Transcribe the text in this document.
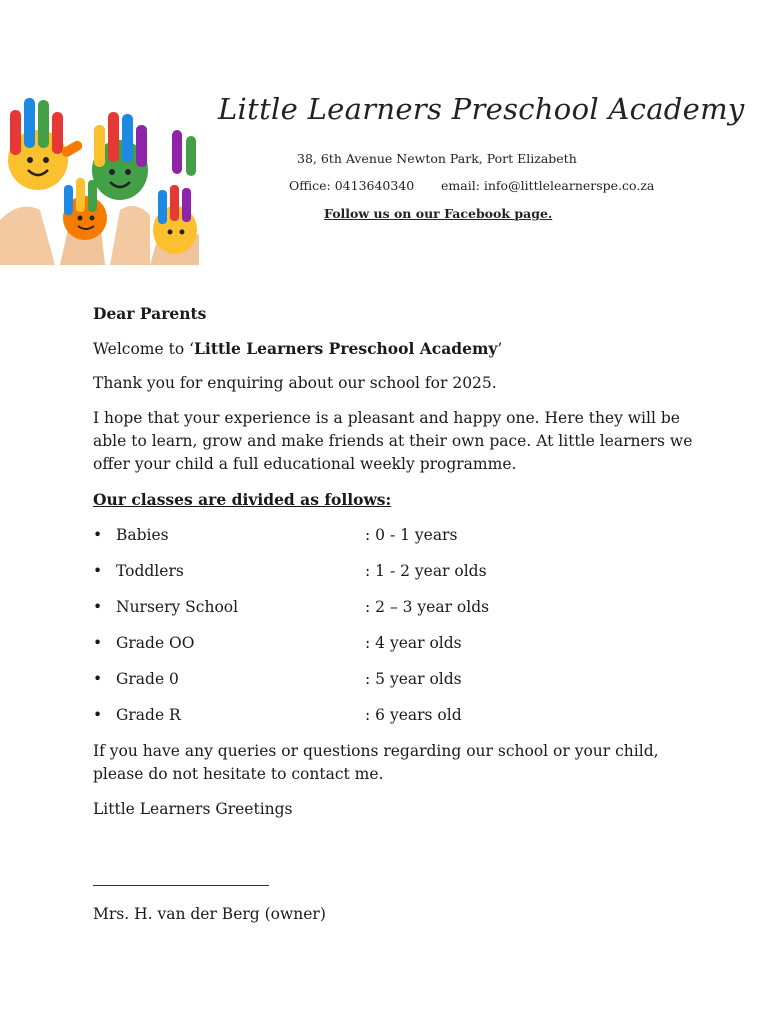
Little Learners Preschool Academy
38, 6th Avenue Newton Park, Port Elizabeth
Office: 0413640340 email: info@littlelearnerspe.co.za
Follow us on our Facebook page.
Dear Parents
Welcome to ‘Little Learners Preschool Academy’
Thank you for enquiring about our school for 2025.
I hope that your experience is a pleasant and happy one. Here they will be able to learn, grow and make friends at their own pace. At little learners we offer your child a full educational weekly programme.
Our classes are divided as follows:
• Babies	: 0 - 1 years
• Toddlers	: 1 - 2 year olds
• Nursery School	: 2 – 3 year olds
• Grade OO	: 4 year olds
• Grade 0	: 5 year olds
• Grade R	: 6 years old
If you have any queries or questions regarding our school or your child, please do not hesitate to contact me.
Little Learners Greetings
Mrs. H. van der Berg (owner)
